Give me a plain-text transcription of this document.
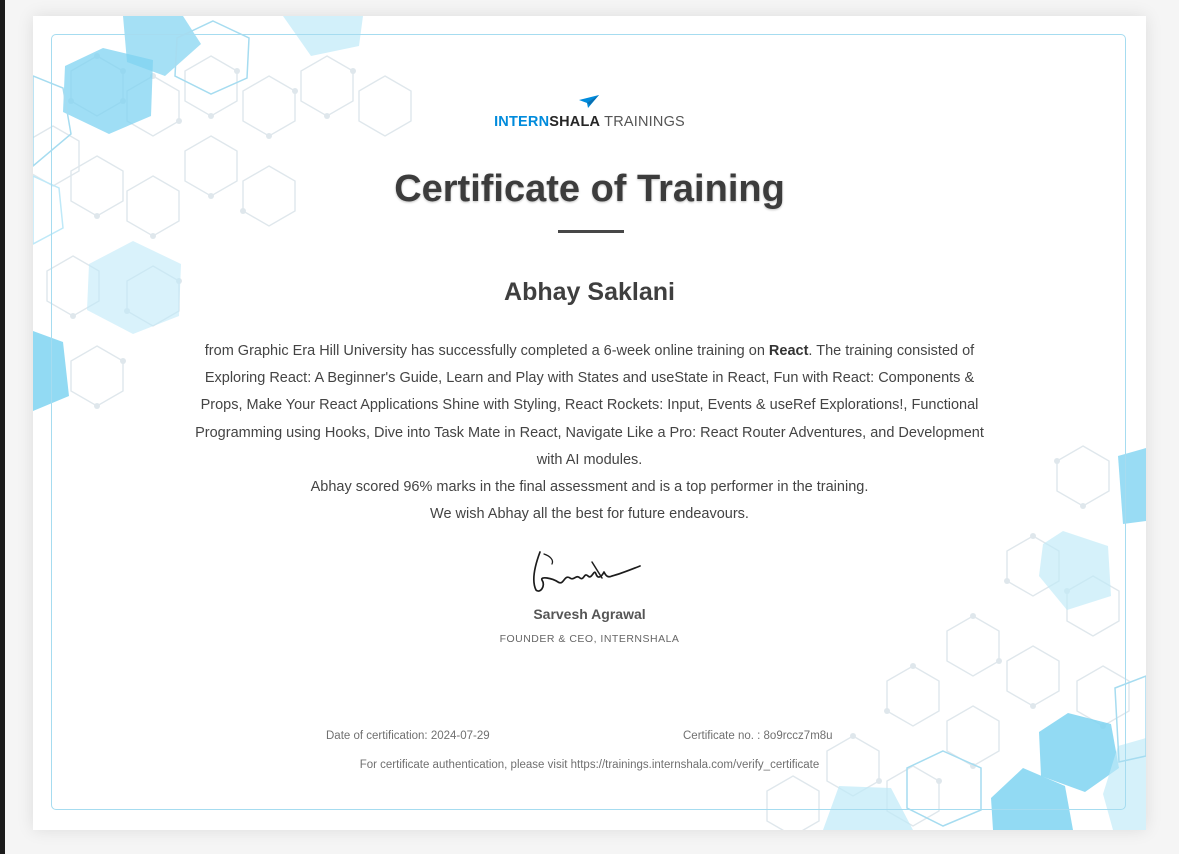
INTERNSHALA TRAININGS
Certificate of Training
Abhay Saklani
from Graphic Era Hill University has successfully completed a 6-week online training on React. The training consisted of Exploring React: A Beginner's Guide, Learn and Play with States and useState in React, Fun with React: Components & Props, Make Your React Applications Shine with Styling, React Rockets: Input, Events & useRef Explorations!, Functional Programming using Hooks, Dive into Task Mate in React, Navigate Like a Pro: React Router Adventures, and Development with AI modules.
Abhay scored 96% marks in the final assessment and is a top performer in the training.
We wish Abhay all the best for future endeavours.
Sarvesh Agrawal
FOUNDER & CEO, INTERNSHALA
Date of certification: 2024-07-29	Certificate no. : 8o9rccz7m8u
For certificate authentication, please visit https://trainings.internshala.com/verify_certificate
